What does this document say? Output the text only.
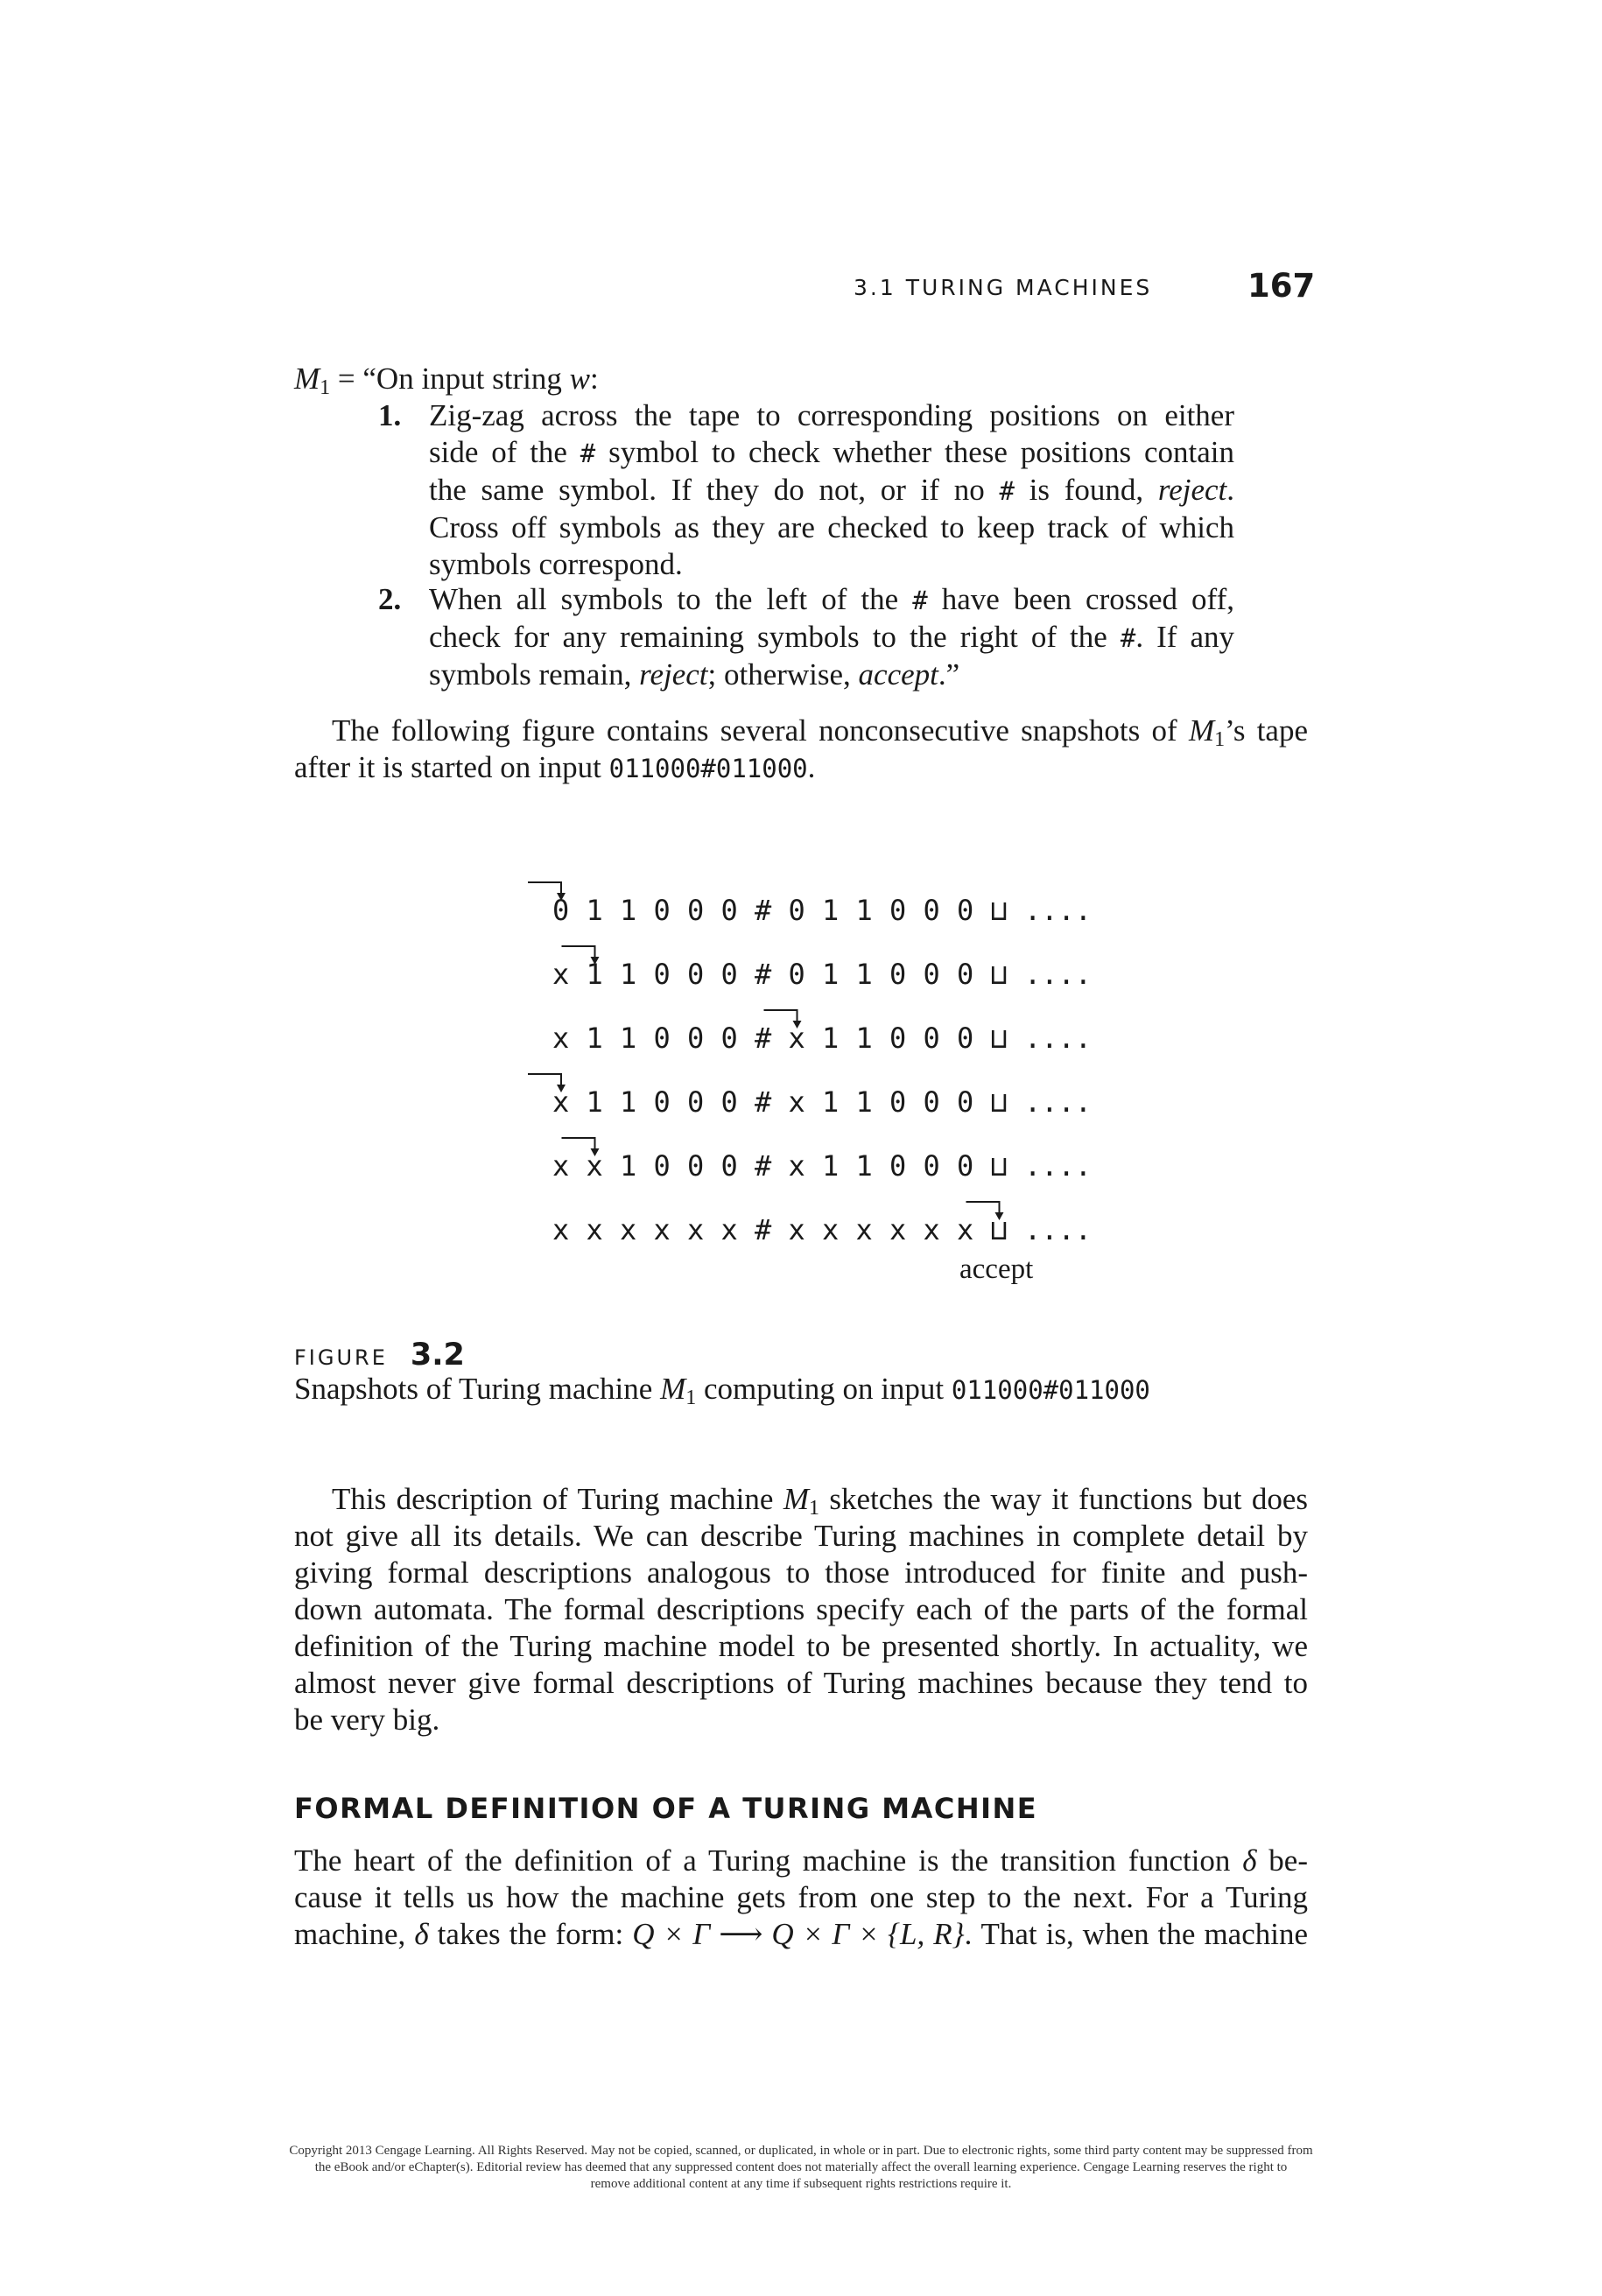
3.1 TURING MACHINES	167
$M_1$ = “On input string w:
1. Zig-zag across the tape to corresponding positions on either
side of the # symbol to check whether these positions contain
the same symbol. If they do not, or if no # is found, reject.
Cross off symbols as they are checked to keep track of which
symbols correspond.
2. When all symbols to the left of the # have been crossed off,
check for any remaining symbols to the right of the #. If any
symbols remain, reject; otherwise, accept.”
The following figure contains several nonconsecutive snapshots of $M_1’s$ tape
after it is started on input 011000#011000.
0 1 1 0 0 0 # 0 1 1 0 0 0 ⊔ ....
x 1 1 0 0 0 # 0 1 1 0 0 0 ⊔ ....
x 1 1 0 0 0 # x 1 1 0 0 0 ⊔ ....
x 1 1 0 0 0 # x 1 1 0 0 0 ⊔ ....
x x 1 0 0 0 # x 1 1 0 0 0 ⊔ ....
x x x x x x # x x x x x x ⊔ ....
accept
FIGURE 3.2
Snapshots of Turing machine $M_1$ computing on input 011000#011000
This description of Turing machine $M_1$ sketches the way it functions but does
not give all its details. We can describe Turing machines in complete detail by
giving formal descriptions analogous to those introduced for finite and push-
down automata. The formal descriptions specify each of the parts of the formal
definition of the Turing machine model to be presented shortly. In actuality, we
almost never give formal descriptions of Turing machines because they tend to
be very big.
FORMAL DEFINITION OF A TURING MACHINE
The heart of the definition of a Turing machine is the transition function δ be-
cause it tells us how the machine gets from one step to the next. For a Turing
machine, δ takes the form: Q × Γ ⟶ Q × Γ × {L, R}. That is, when the machine
Copyright 2013 Cengage Learning. All Rights Reserved. May not be copied, scanned, or duplicated, in whole or in part. Due to electronic rights, some third party content may be suppressed from
the eBook and/or eChapter(s). Editorial review has deemed that any suppressed content does not materially affect the overall learning experience. Cengage Learning reserves the right to
remove additional content at any time if subsequent rights restrictions require it.
